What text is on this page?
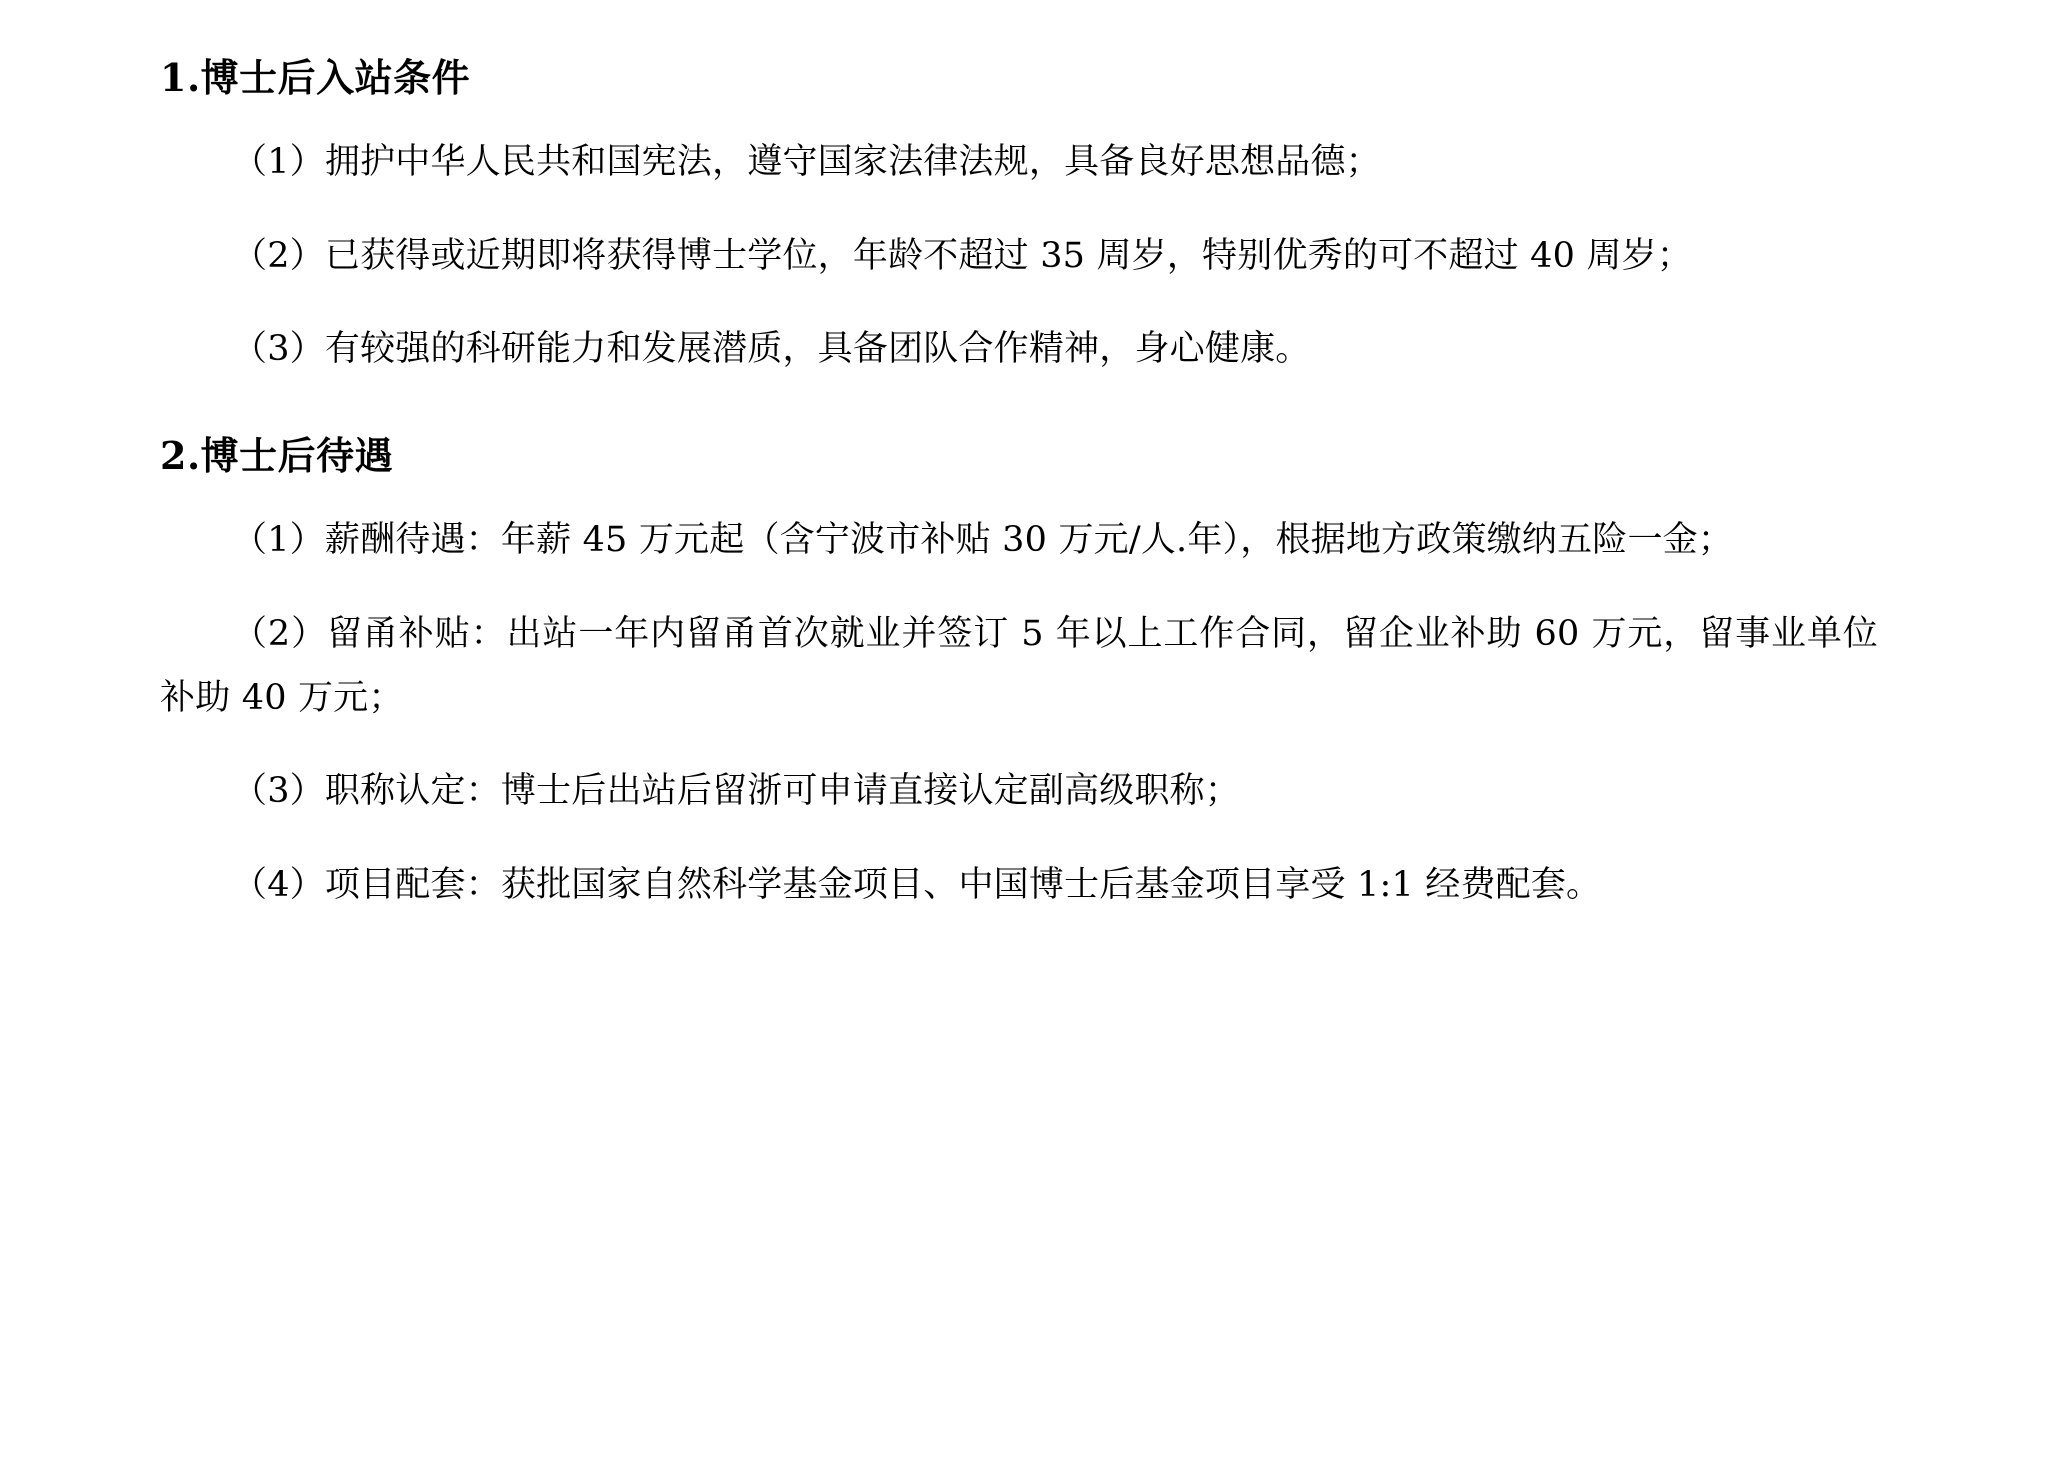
1.博士后入站条件

（1）拥护中华人民共和国宪法，遵守国家法律法规，具备良好思想品德；

（2）已获得或近期即将获得博士学位，年龄不超过 35 周岁，特别优秀的可不超过 40 周岁；

（3）有较强的科研能力和发展潜质，具备团队合作精神，身心健康。

2.博士后待遇

（1）薪酬待遇：年薪 45 万元起（含宁波市补贴 30 万元/人.年），根据地方政策缴纳五险一金；

（2）留甬补贴：出站一年内留甬首次就业并签订 5 年以上工作合同，留企业补助 60 万元，留事业单位补助 40 万元；

（3）职称认定：博士后出站后留浙可申请直接认定副高级职称；

（4）项目配套：获批国家自然科学基金项目、中国博士后基金项目享受 1:1 经费配套。
